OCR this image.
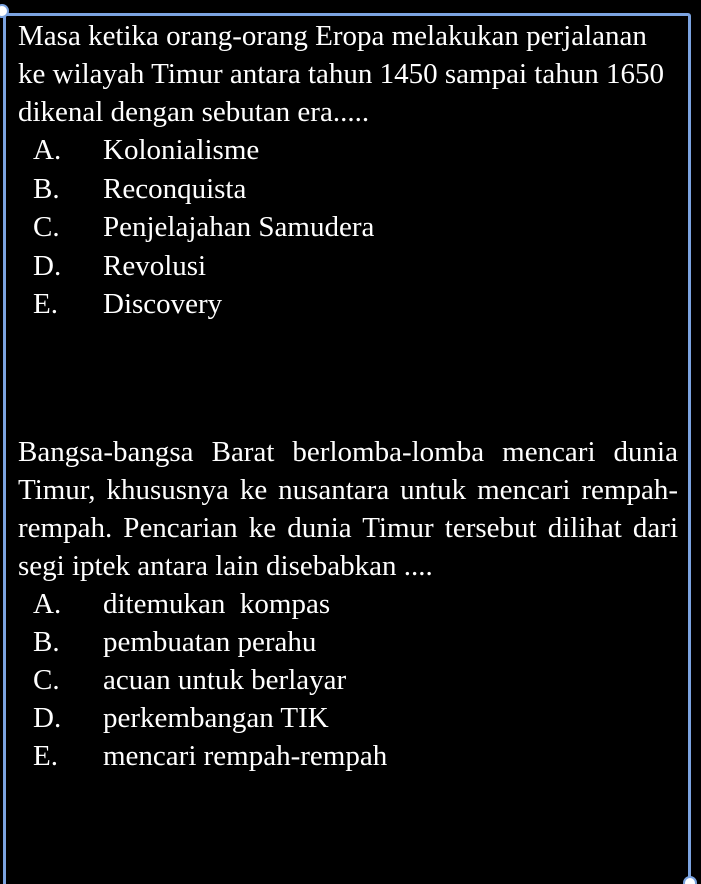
Masa ketika orang-orang Eropa melakukan perjalanan ke wilayah Timur antara tahun 1450 sampai tahun 1650 dikenal dengan sebutan era.....

A.	Kolonialisme
B.	Reconquista
C.	Penjelajahan Samudera
D.	Revolusi
E.	Discovery

Bangsa-bangsa Barat berlomba-lomba mencari dunia Timur, khususnya ke nusantara untuk mencari rempah-rempah. Pencarian ke dunia Timur tersebut dilihat dari segi iptek antara lain disebabkan ....

A.	ditemukan  kompas
B.	pembuatan perahu
C.	acuan untuk berlayar
D.	perkembangan TIK
E.	mencari rempah-rempah
